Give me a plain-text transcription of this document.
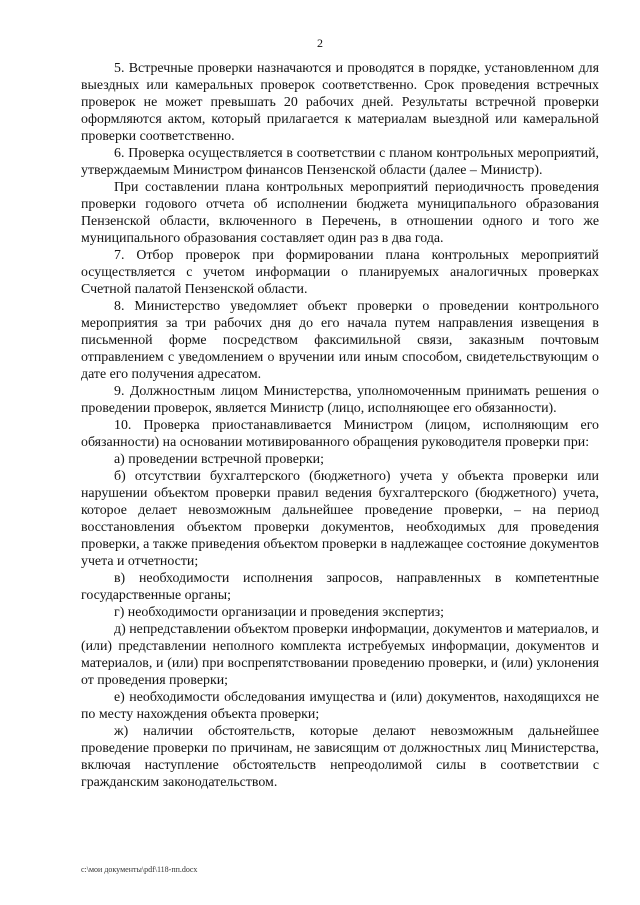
2

5. Встречные проверки назначаются и проводятся в порядке, установленном для выездных или камеральных проверок соответственно. Срок проведения встречных проверок не может превышать 20 рабочих дней. Результаты встречной проверки оформляются актом, который прилагается к материалам выездной или камеральной проверки соответственно.

6. Проверка осуществляется в соответствии с планом контрольных мероприятий, утверждаемым Министром финансов Пензенской области (далее – Министр).

При составлении плана контрольных мероприятий периодичность проведения проверки годового отчета об исполнении бюджета муниципального образования Пензенской области, включенного в Перечень, в отношении одного и того же муниципального образования составляет один раз в два года.

7. Отбор проверок при формировании плана контрольных мероприятий осуществляется с учетом информации о планируемых аналогичных проверках Счетной палатой Пензенской области.

8. Министерство уведомляет объект проверки о проведении контрольного мероприятия за три рабочих дня до его начала путем направления извещения в письменной форме посредством факсимильной связи, заказным почтовым отправлением с уведомлением о вручении или иным способом, свидетельствующим о дате его получения адресатом.

9. Должностным лицом Министерства, уполномоченным принимать решения о проведении проверок, является Министр (лицо, исполняющее его обязанности).

10. Проверка приостанавливается Министром (лицом, исполняющим его обязанности) на основании мотивированного обращения руководителя проверки при:

а) проведении встречной проверки;

б) отсутствии бухгалтерского (бюджетного) учета у объекта проверки или нарушении объектом проверки правил ведения бухгалтерского (бюджетного) учета, которое делает невозможным дальнейшее проведение проверки, – на период восстановления объектом проверки документов, необходимых для проведения проверки, а также приведения объектом проверки в надлежащее состояние документов учета и отчетности;

в) необходимости исполнения запросов, направленных в компетентные государственные органы;

г) необходимости организации и проведения экспертиз;

д) непредставлении объектом проверки информации, документов и материалов, и (или) представлении неполного комплекта истребуемых информации, документов и материалов, и (или) при воспрепятствовании проведению проверки, и (или) уклонения от проведения проверки;

е) необходимости обследования имущества и (или) документов, находящихся не по месту нахождения объекта проверки;

ж) наличии обстоятельств, которые делают невозможным дальнейшее проведение проверки по причинам, не зависящим от должностных лиц Министерства, включая наступление обстоятельств непреодолимой силы в соответствии с гражданским законодательством.

c:\мои документы\pdf\118-пп.docx
